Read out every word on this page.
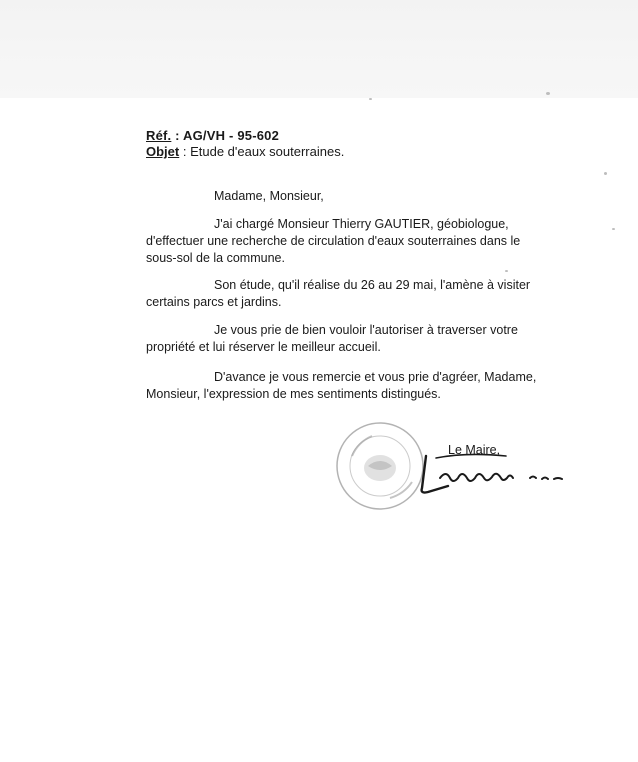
Réf. : AG/VH - 95-602
Objet : Etude d'eaux souterraines.
Madame, Monsieur,
J'ai chargé Monsieur Thierry GAUTIER, géobiologue,
d'effectuer une recherche de circulation d'eaux souterraines dans le
sous-sol de la commune.
Son étude, qu'il réalise du 26 au 29 mai, l'amène à visiter
certains parcs et jardins.
Je vous prie de bien vouloir l'autoriser à traverser votre
propriété et lui réserver le meilleur accueil.
D'avance je vous remercie et vous prie d'agréer, Madame,
Monsieur, l'expression de mes sentiments distingués.
Le Maire,
